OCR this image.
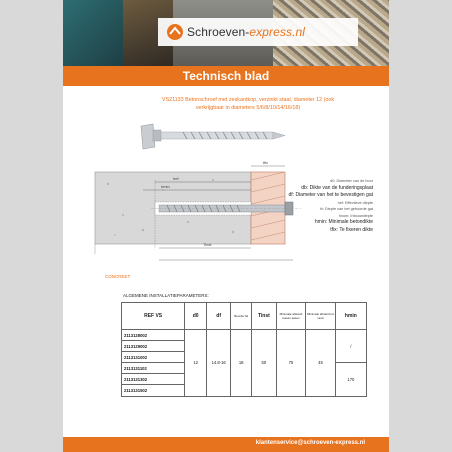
Schroeven-express.nl
Technisch blad
VS21133 Betonschroef met zeskantkop, verzinkt staal, diameter 12 (ook
verkrijgbaar in diameters 5/6/8/10/14/16/18)
hef
hmin
tfix
Tinst
d0: Diameter van de boor
db: Dikte van de funderingsplaat
df: Diameter van het te bevestigen gat
hef: Effectieve diepte
hl: Diepte van het geboorde gat
hnom: Inbouwdiepte
hmin: Minimale betondikte
tfix: Te fixeren dikte
CONCREET
ALGEMENE INSTALLATIEPARAMETERS:
REF VS	d0	df	Boorde hd	Tinst	Minimale afstand tussen assen	Minimale afstand tot rand	hmin
2113128002	12	14.8-16	18	50	75	45	/
2113129002							
2113131002							
2113131102							170
2113131302							
2113131502							
klantenservice@schroeven-express.nl
